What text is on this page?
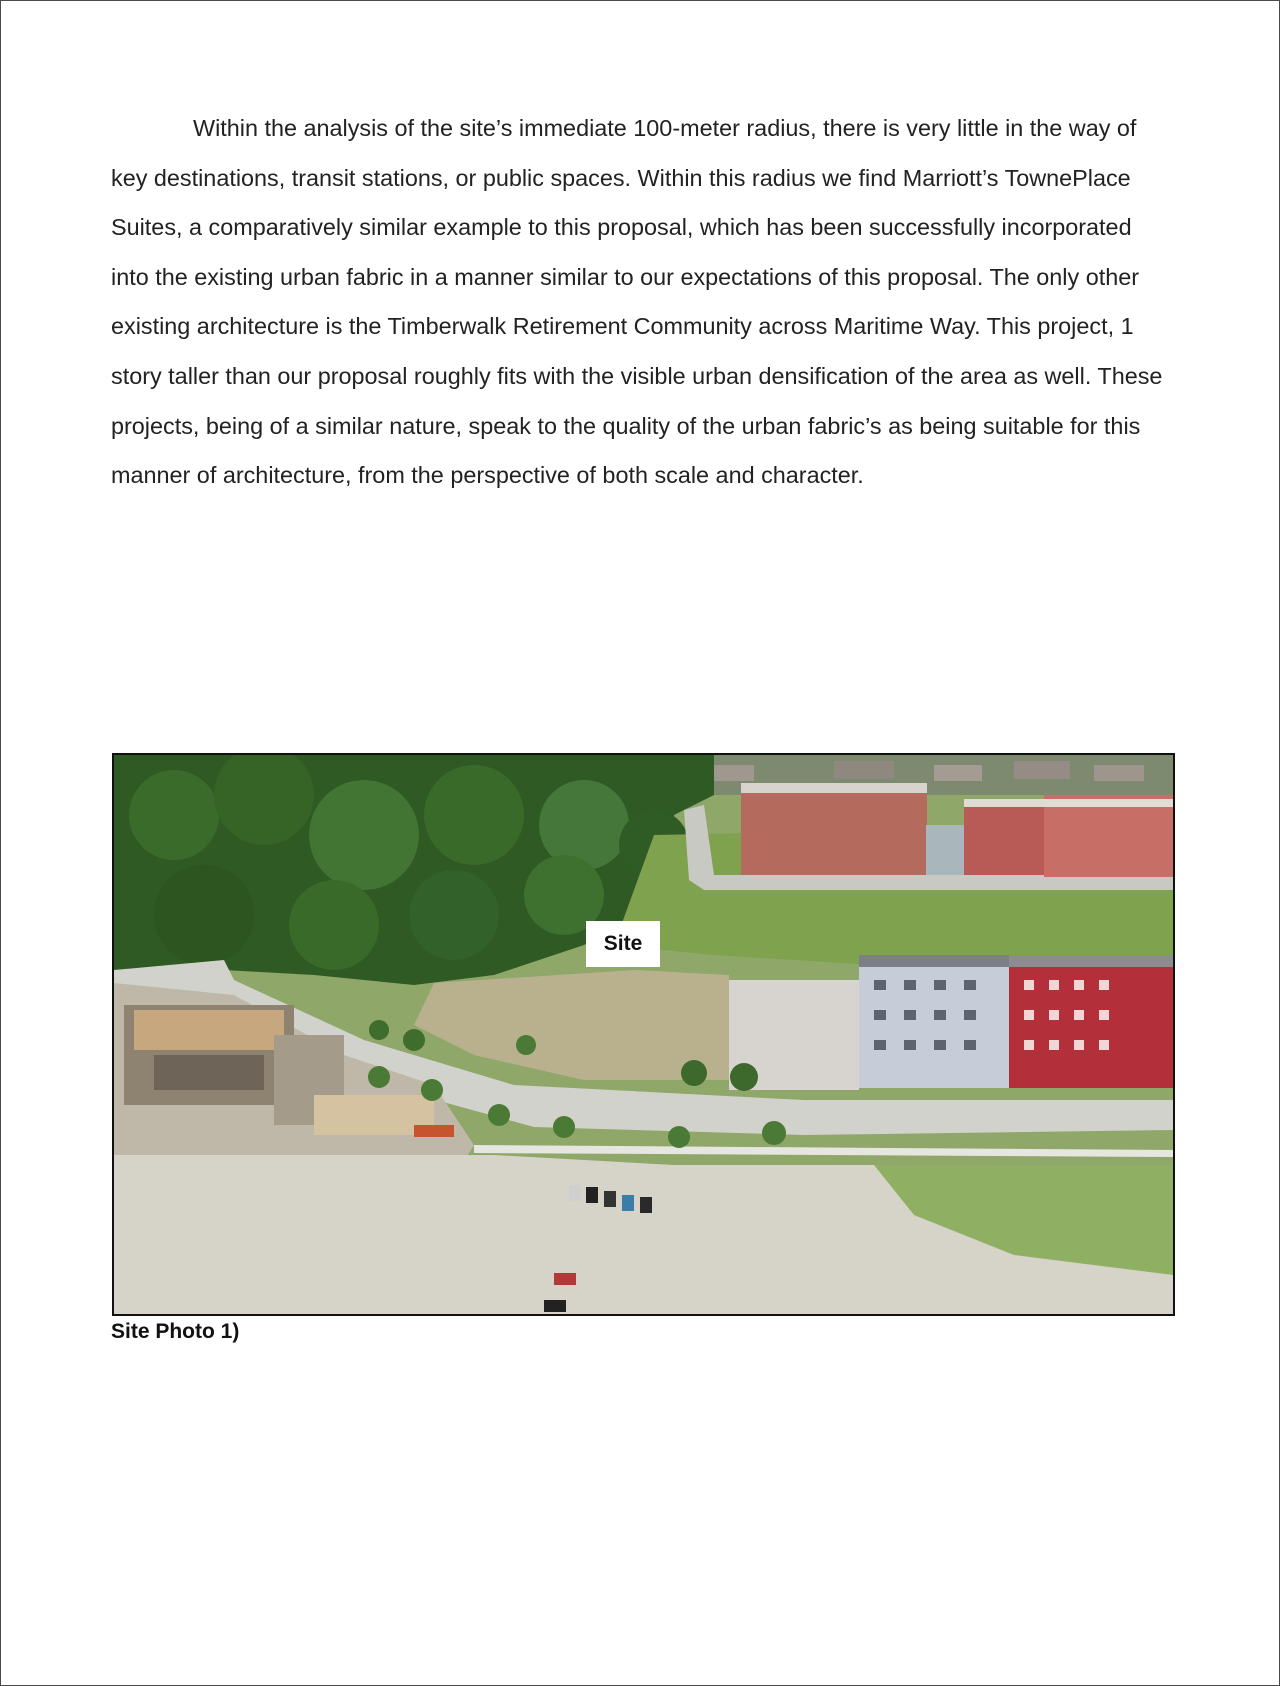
Within the analysis of the site’s immediate 100-meter radius, there is very little in the way of key destinations, transit stations, or public spaces. Within this radius we find Marriott’s TownePlace Suites, a comparatively similar example to this proposal, which has been successfully incorporated into the existing urban fabric in a manner similar to our expectations of this proposal. The only other existing architecture is the Timberwalk Retirement Community across Maritime Way. This project, 1 story taller than our proposal roughly fits with the visible urban densification of the area as well. These projects, being of a similar nature, speak to the quality of the urban fabric’s as being suitable for this manner of architecture, from the perspective of both scale and character.

Site

Site Photo 1)
